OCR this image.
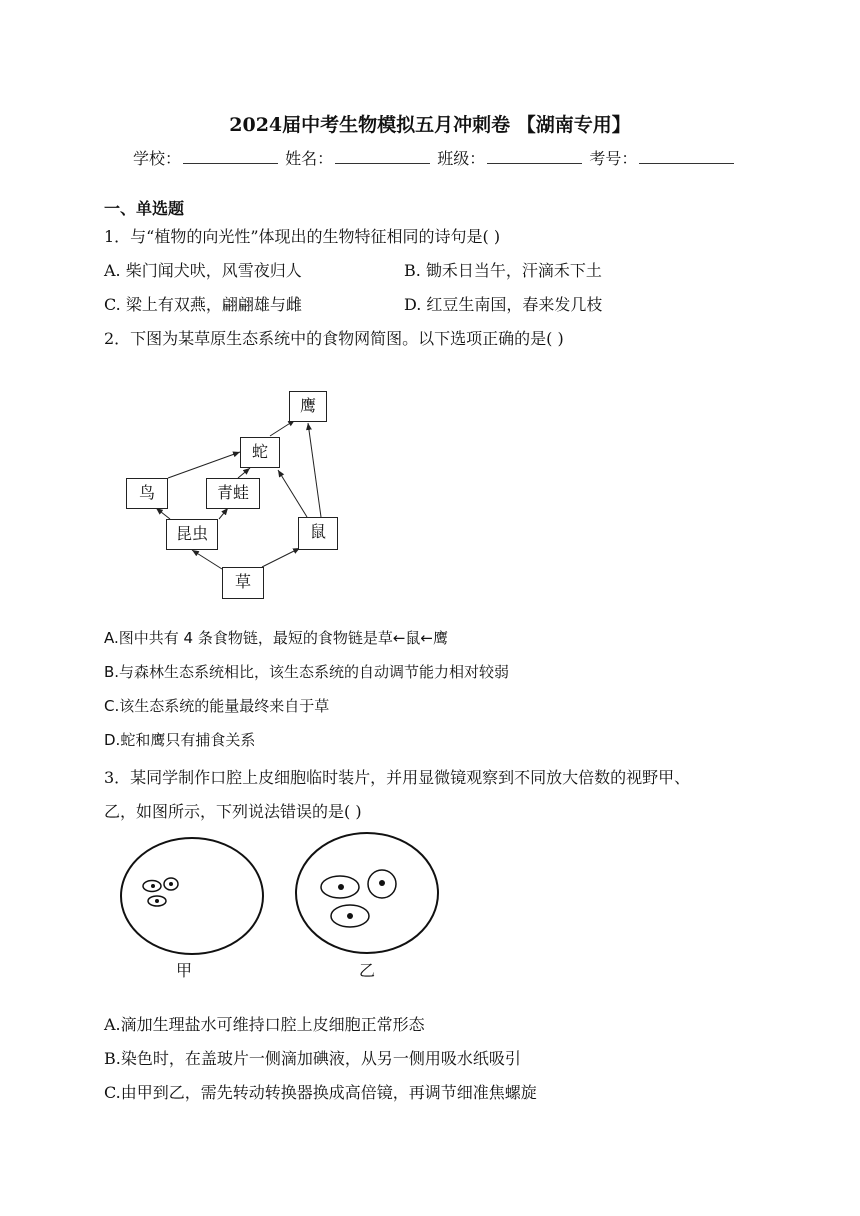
2024届中考生物模拟五月冲刺卷 【湖南专用】
学校：	姓名：	班级：	考号：
一、单选题
1．与“植物的向光性”体现出的生物特征相同的诗句是( )
A. 柴门闻犬吠，风雪夜归人	B. 锄禾日当午，汗滴禾下土
C. 梁上有双燕，翩翩雄与雌	D. 红豆生南国，春来发几枝
2．下图为某草原生态系统中的食物网简图。以下选项正确的是( )
鹰
蛇
鸟	青蛙
昆虫	鼠
草
A.图中共有 4 条食物链，最短的食物链是草←鼠←鹰
B.与森林生态系统相比，该生态系统的自动调节能力相对较弱
C.该生态系统的能量最终来自于草
D.蛇和鹰只有捕食关系
3．某同学制作口腔上皮细胞临时装片，并用显微镜观察到不同放大倍数的视野甲、
乙，如图所示，下列说法错误的是( )
甲	乙
A.滴加生理盐水可维持口腔上皮细胞正常形态
B.染色时，在盖玻片一侧滴加碘液，从另一侧用吸水纸吸引
C.由甲到乙，需先转动转换器换成高倍镜，再调节细准焦螺旋
